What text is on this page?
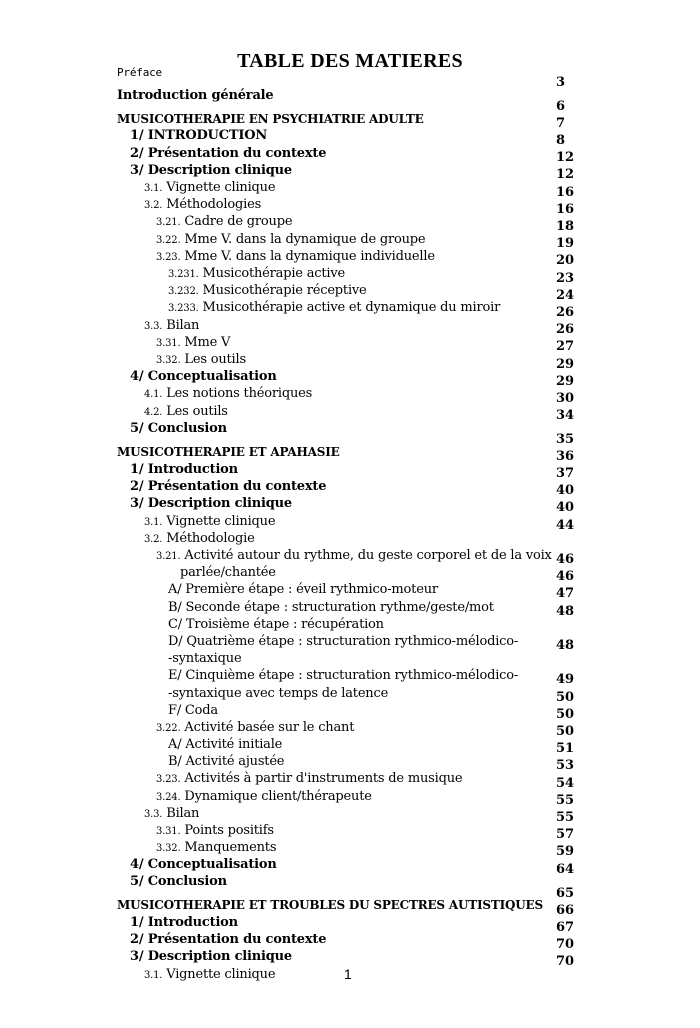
TABLE DES MATIERES
Préface
Introduction générale
MUSICOTHERAPIE EN PSYCHIATRIE ADULTE
1/ INTRODUCTION
2/ Présentation du contexte
3/ Description clinique
3.1. Vignette clinique
3.2. Méthodologies
3.21. Cadre de groupe
3.22. Mme V. dans la dynamique de groupe
3.23. Mme V. dans la dynamique individuelle
3.231. Musicothérapie active
3.232. Musicothérapie réceptive
3.233. Musicothérapie active et dynamique du miroir
3.3. Bilan
3.31. Mme V
3.32. Les outils
4/ Conceptualisation
4.1. Les notions théoriques
4.2. Les outils
5/ Conclusion
MUSICOTHERAPIE ET APAHASIE
1/ Introduction
2/ Présentation du contexte
3/ Description clinique
3.1. Vignette clinique
3.2. Méthodologie
3.21. Activité autour du rythme, du geste corporel et de la voix
parlée/chantée
A/ Première étape : éveil rythmico-moteur
B/ Seconde étape : structuration rythme/geste/mot
C/ Troisième étape : récupération
D/ Quatrième étape : structuration rythmico-mélodico-
-syntaxique
E/ Cinquième étape : structuration rythmico-mélodico-
-syntaxique avec temps de latence
F/ Coda
3.22. Activité basée sur le chant
A/ Activité initiale
B/ Activité ajustée
3.23. Activités à partir d'instruments de musique
3.24. Dynamique client/thérapeute
3.3. Bilan
3.31. Points positifs
3.32. Manquements
4/ Conceptualisation
5/ Conclusion
MUSICOTHERAPIE ET TROUBLES DU SPECTRES AUTISTIQUES
1/ Introduction
2/ Présentation du contexte
3/ Description clinique
3.1. Vignette clinique
3
6
7
8
12
12
16
16
18
19
20
23
24
26
26
27
29
29
30
34
35
36
37
40
40
44
46
46
47
48
48
49
50
50
50
51
53
54
55
55
57
59
64
65
66
67
70
70
1
